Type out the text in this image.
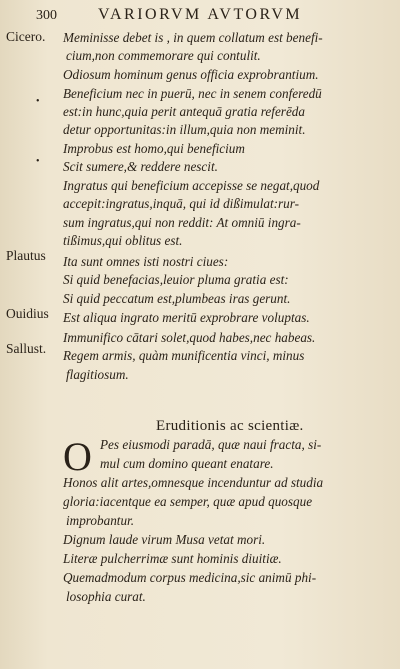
300	VARIORVM AVTORVM
Cicero.
Plautus
Ouidius
Sallust.
•
•
Meminisse debet is , in quem collatum est benefi-
cium,non commemorare qui contulit.
Odiosum hominum genus officia exprobrantium.
Beneficium nec in puerū, nec in senem conferedū
est:in hunc,quia perit antequā gratia referēda
detur opportunitas:in illum,quia non meminit.
Improbus est homo,qui beneficium
Scit sumere,& reddere nescit.
Ingratus qui beneficium accepisse se negat,quod
accepit:ingratus,inquā, qui id dißimulat:rur-
sum ingratus,qui non reddit: At omniū ingra-
tißimus,qui oblitus est.
Ita sunt omnes isti nostri ciues:
Si quid benefacias,leuior pluma gratia est:
Si quid peccatum est,plumbeas iras gerunt.
Est aliqua ingrato meritū exprobrare voluptas.
Immunifico cātari solet,quod habes,nec habeas.
Regem armis, quàm munificentia vinci, minus
flagitiosum.
Eruditionis ac scientiæ.
O Pes eiusmodi paradā, quæ naui fracta, si-
mul cum domino queant enatare.
Honos alit artes,omnesque incenduntur ad studia
gloria:iacentque ea semper, quæ apud quosque
improbantur.
Dignum laude virum Musa vetat mori.
Literæ pulcherrimæ sunt hominis diuitiæ.
Quemadmodum corpus medicina,sic animū phi-
losophia curat.
